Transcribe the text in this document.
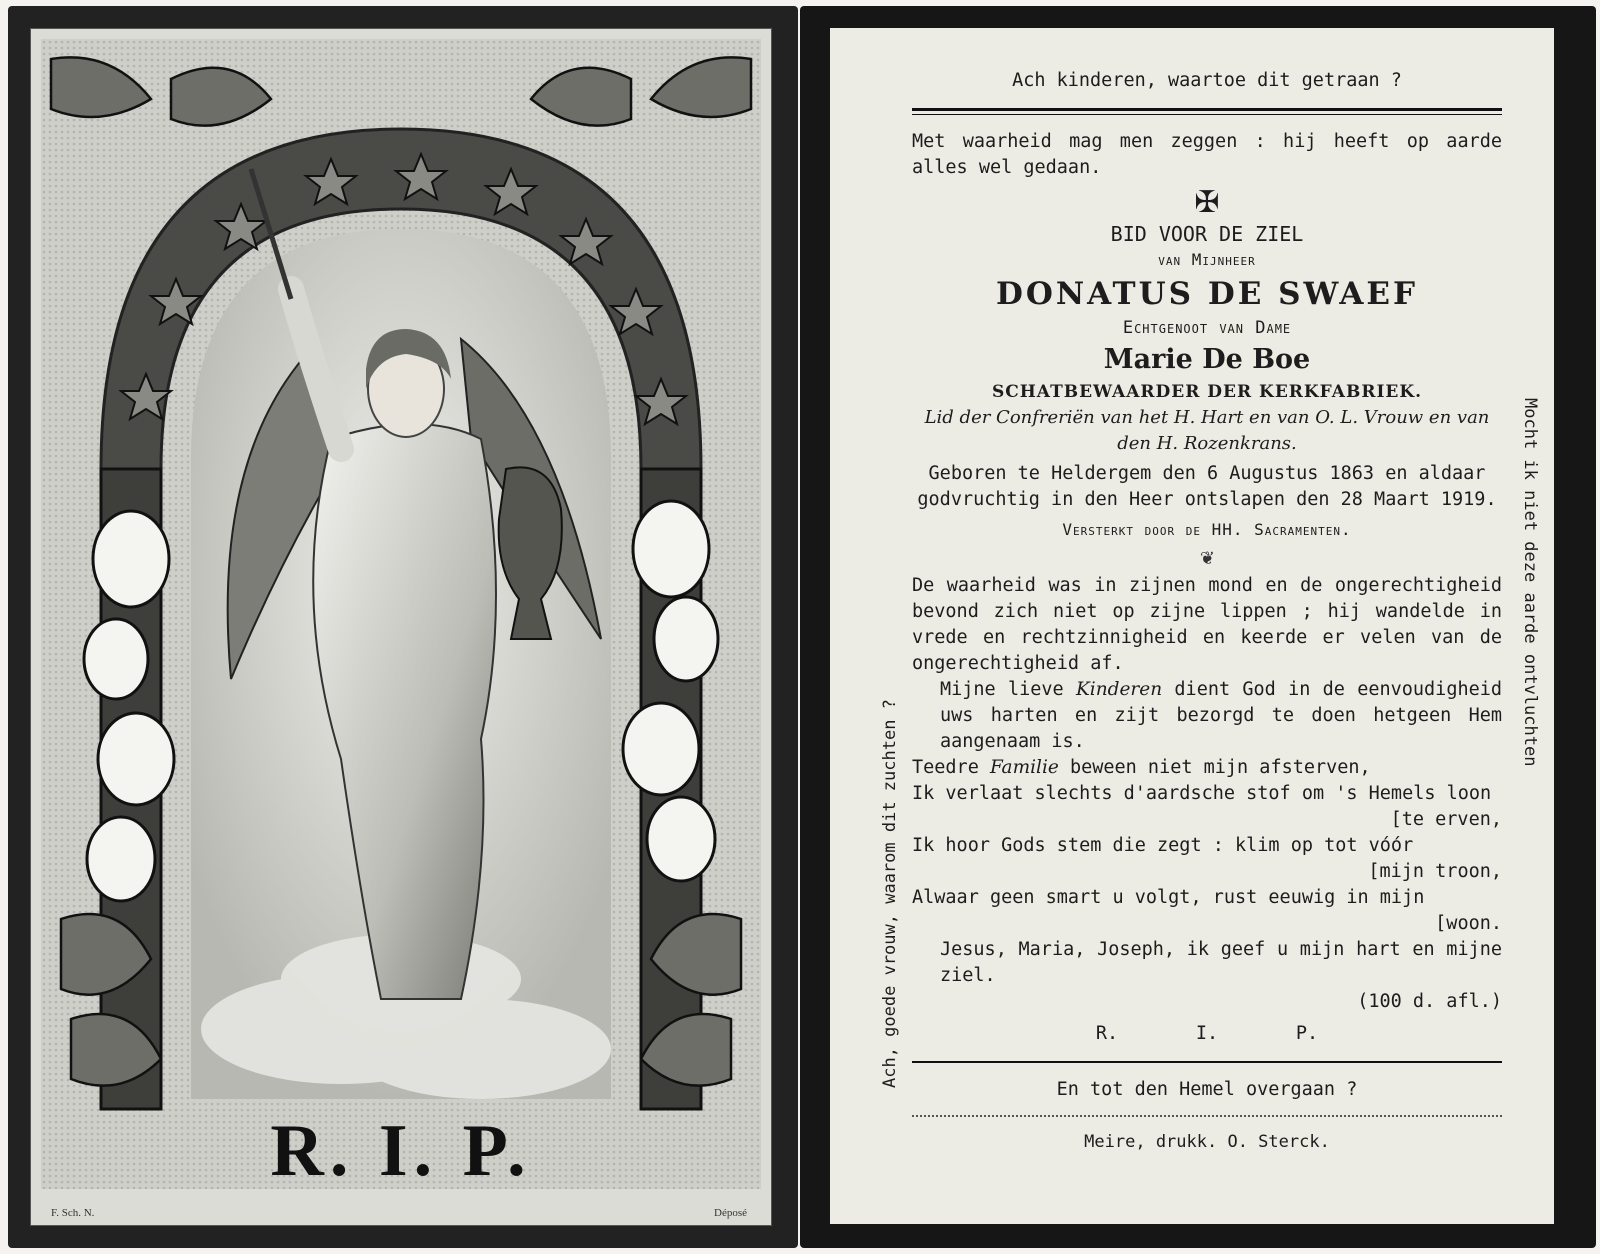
R. I. P.
F. Sch. N.	Déposé
Ach, goede vrouw, waarom dit zuchten ?
Mocht ik niet deze aarde ontvluchten
Ach kinderen, waartoe dit getraan ?
Met waarheid mag men zeggen : hij heeft op aarde alles wel gedaan.
✠
BID VOOR DE ZIEL
van Mijnheer
DONATUS DE SWAEF
Echtgenoot van Dame
Marie De Boe
SCHATBEWAARDER DER KERKFABRIEK.
Lid der Confreriën van het H. Hart en van O. L. Vrouw en van den H. Rozenkrans.
Geboren te Heldergem den 6 Augustus 1863 en aldaar godvruchtig in den Heer ontslapen den 28 Maart 1919.
Versterkt door de HH. Sacramenten.
❦
De waarheid was in zijnen mond en de ongerechtigheid bevond zich niet op zijne lippen ; hij wandelde in vrede en rechtzinnigheid en keerde er velen van de ongerechtigheid af.
Mijne lieve Kinderen dient God in de eenvoudigheid uws harten en zijt bezorgd te doen hetgeen Hem aangenaam is.
Teedre Familie beween niet mijn afsterven,
Ik verlaat slechts d'aardsche stof om 's Hemels loon
[te erven,
Ik hoor Gods stem die zegt : klim op tot vóór
[mijn troon,
Alwaar geen smart u volgt, rust eeuwig in mijn
[woon.
Jesus, Maria, Joseph, ik geef u mijn hart en mijne ziel.
(100 d. afl.)
R.	I.	P.
En tot den Hemel overgaan ?
Meire, drukk. O. Sterck.
